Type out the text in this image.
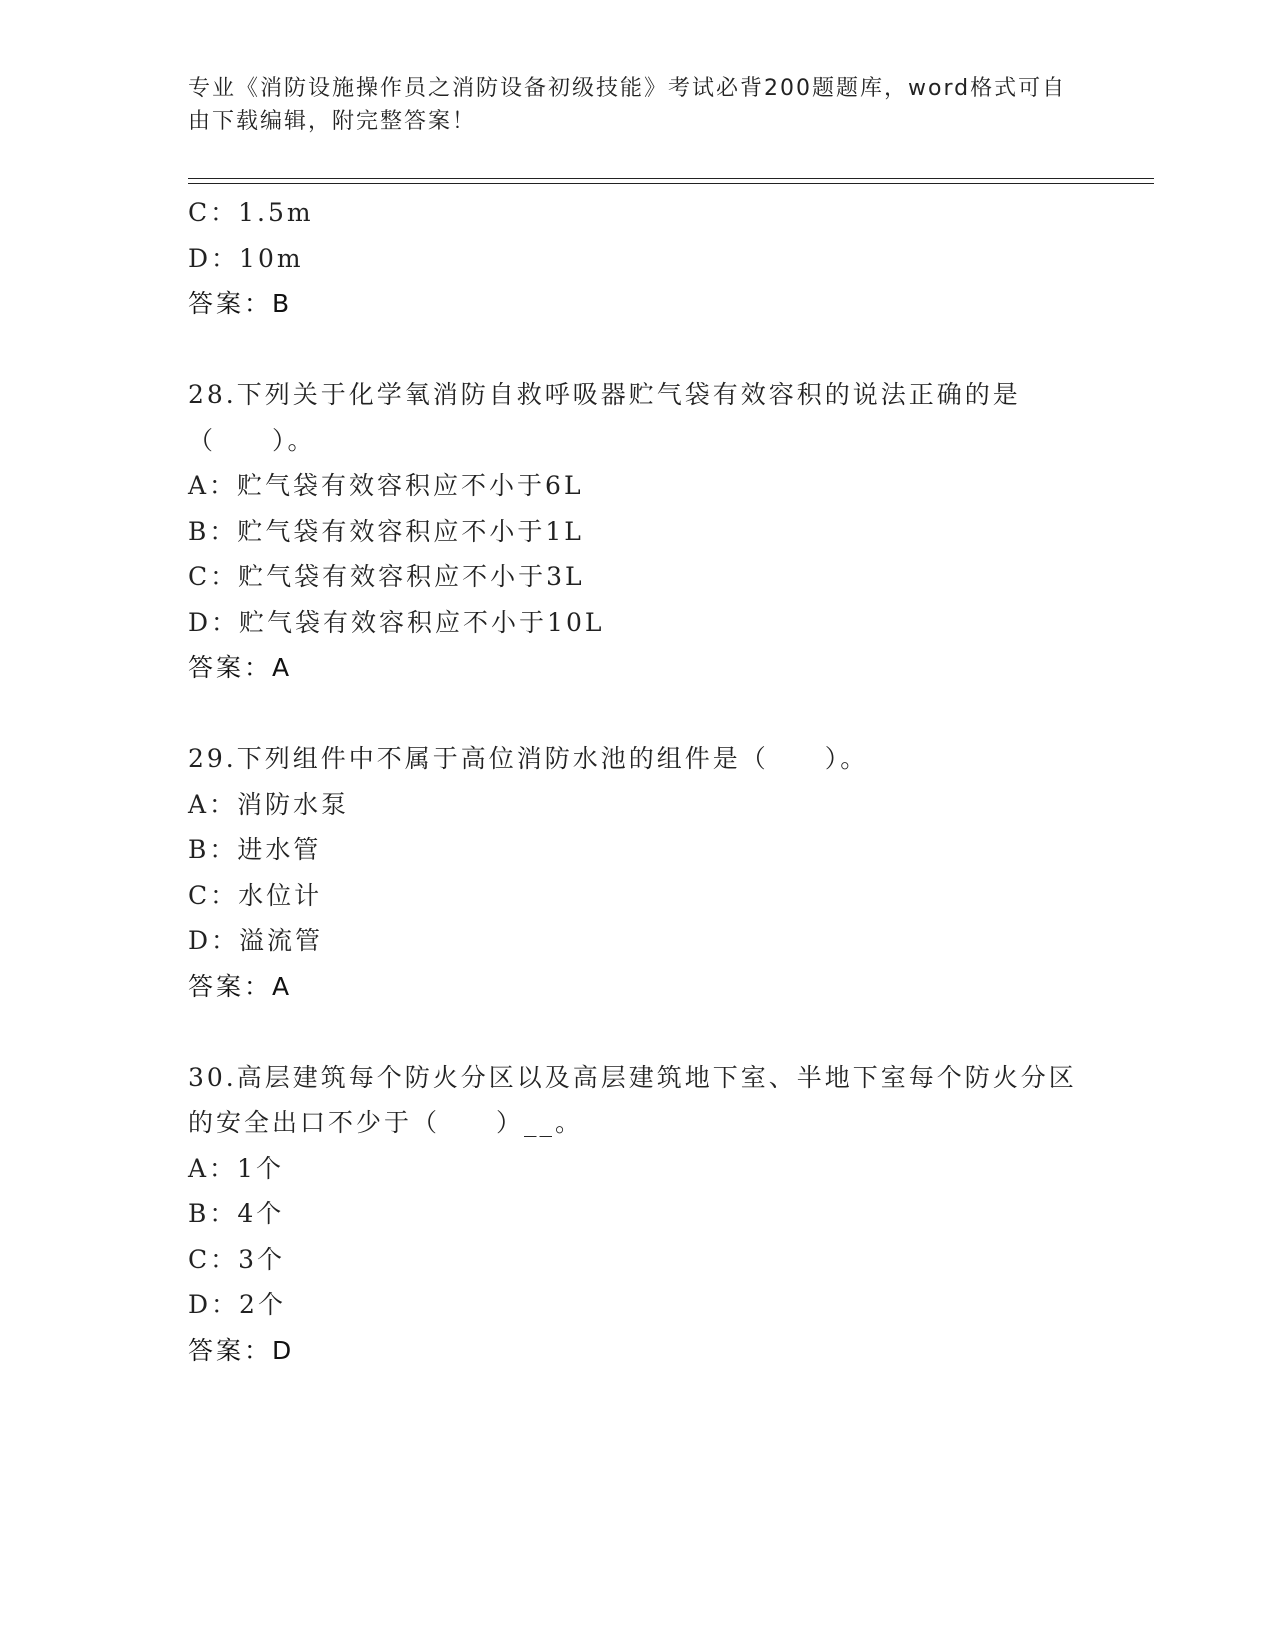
专业《消防设施操作员之消防设备初级技能》考试必背200题题库，word格式可自由下载编辑，附完整答案！
C：1.5m
D：10m
答案：B
28.下列关于化学氧消防自救呼吸器贮气袋有效容积的说法正确的是（　　）。
A：贮气袋有效容积应不小于6L
B：贮气袋有效容积应不小于1L
C：贮气袋有效容积应不小于3L
D：贮气袋有效容积应不小于10L
答案：A
29.下列组件中不属于高位消防水池的组件是（　　）。
A：消防水泵
B：进水管
C：水位计
D：溢流管
答案：A
30.高层建筑每个防火分区以及高层建筑地下室、半地下室每个防火分区的安全出口不少于（　　）__。
A：1个
B：4个
C：3个
D：2个
答案：D
